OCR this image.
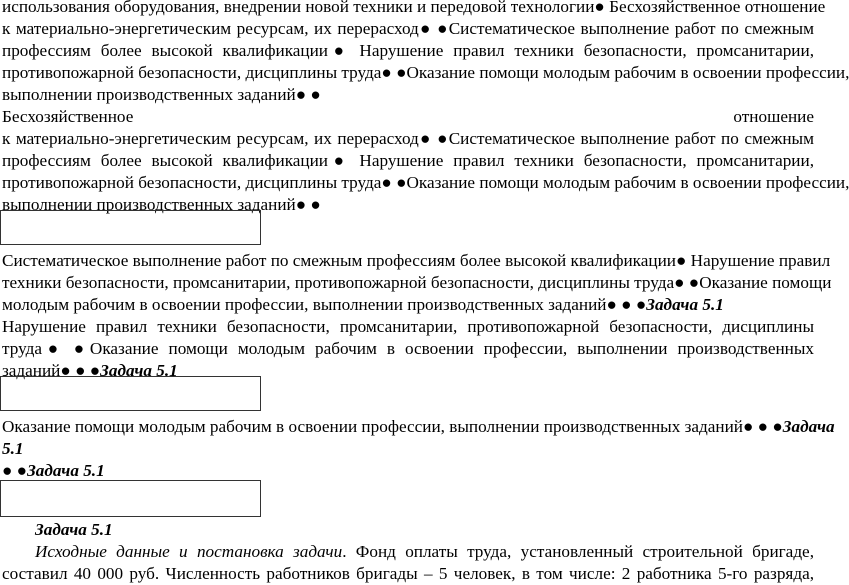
использования оборудования, внедрении новой техники и передовой технологии● Бесхозяйственное отношение
к материально-энергетическим ресурсам, их перерасход● ●Систематическое выполнение работ по смежным
профессиям более высокой квалификации● Нарушение правил техники безопасности, промсанитарии,
противопожарной безопасности, дисциплины труда● ●Оказание помощи молодым рабочим в освоении профессии,
выполнении производственных заданий● ●
Бесхозяйственное отношение
к материально-энергетическим ресурсам, их перерасход● ●Систематическое выполнение работ по смежным
профессиям более высокой квалификации● Нарушение правил техники безопасности, промсанитарии,
противопожарной безопасности, дисциплины труда● ●Оказание помощи молодым рабочим в освоении профессии,
выполнении производственных заданий● ●
Систематическое выполнение работ по смежным профессиям более высокой квалификации● Нарушение правил
техники безопасности, промсанитарии, противопожарной безопасности, дисциплины труда● ●Оказание помощи
молодым рабочим в освоении профессии, выполнении производственных заданий● ● ●Задача 5.1
Нарушение правил техники безопасности, промсанитарии, противопожарной безопасности, дисциплины
труда● ●Оказание помощи молодым рабочим в освоении профессии, выполнении производственных
заданий● ● ●Задача 5.1
Оказание помощи молодым рабочим в освоении профессии, выполнении производственных заданий● ● ●Задача
5.1
● ●Задача 5.1
Задача 5.1
Исходные данные и постановка задачи. Фонд оплаты труда, установленный строительной бригаде,
составил 40 000 руб. Численность работников бригады – 5 человек, в том числе: 2 работника 5-го разряда,
